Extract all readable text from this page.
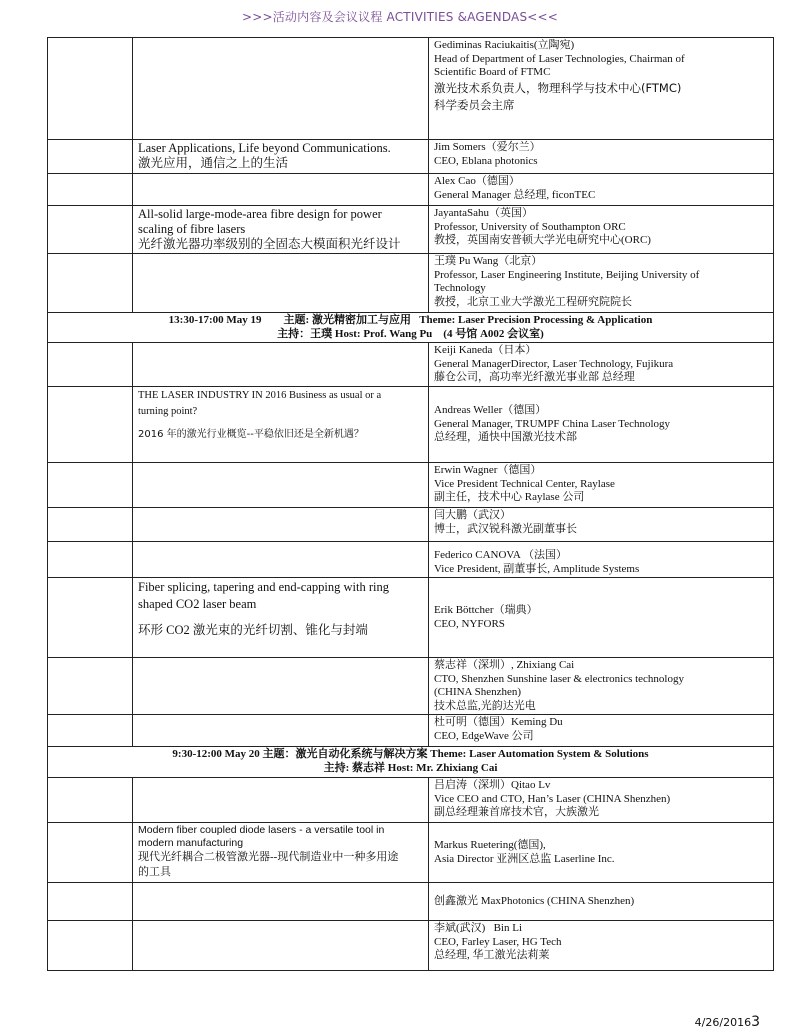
>>>活动内容及会议议程 ACTIVITIES &AGENDAS<<<

		Gediminas Raciukaitis(立陶宛)
Head of Department of Laser Technologies, Chairman of
Scientific Board of FTMC
激光技术系负责人，物理科学与技术中心(FTMC)
科学委员会主席

	Laser Applications, Life beyond Communications.
激光应用，通信之上的生活	Jim Somers（爱尔兰）
CEO, Eblana photonics

		Alex Cao（德国）
General Manager 总经理, ficonTEC

	All-solid large-mode-area fibre design for power
scaling of fibre lasers
光纤激光器功率级别的全固态大模面积光纤设计	JayantaSahu（英国）
Professor, University of Southampton ORC
教授，英国南安普顿大学光电研究中心(ORC)

		王璞 Pu Wang（北京）
Professor, Laser Engineering Institute, Beijing University of
Technology
教授，北京工业大学激光工程研究院院长

13:30-17:00 May 19        主题: 激光精密加工与应用   Theme: Laser Precision Processing & Application
主持：王璞 Host: Prof. Wang Pu    (4 号馆 A002 会议室)		

		Keiji Kaneda（日本）
General ManagerDirector, Laser Technology, Fujikura
藤仓公司，高功率光纤激光事业部 总经理

	THE LASER INDUSTRY IN 2016 Business as usual or a
turning point?
2016 年的激光行业概览--平稳依旧还是全新机遇？	Andreas Weller（德国）
General Manager, TRUMPF China Laser Technology
总经理，通快中国激光技术部

		Erwin Wagner（德国）
Vice President Technical Center, Raylase
副主任，技术中心 Raylase 公司

		闫大鹏（武汉）
博士，武汉锐科激光副董事长

		Federico CANOVA （法国）
Vice President, 副董事长, Amplitude Systems

	Fiber splicing, tapering and end-capping with ring
shaped CO2 laser beam
环形 CO2 激光束的光纤切割、锥化与封端	Erik Böttcher（瑞典）
CEO, NYFORS

		蔡志祥（深圳）, Zhixiang Cai
CTO, Shenzhen Sunshine laser & electronics technology
(CHINA Shenzhen)
技术总监,光韵达光电

		杜可明（德国）Keming Du
CEO, EdgeWave 公司

9:30-12:00 May 20 主题：激光自动化系统与解决方案 Theme: Laser Automation System & Solutions
主持: 蔡志祥 Host: Mr. Zhixiang Cai		

		吕启涛（深圳）Qitao Lv
Vice CEO and CTO, Han’s Laser (CHINA Shenzhen)
副总经理兼首席技术官，大族激光

	Modern fiber coupled diode lasers - a versatile tool in
modern manufacturing
现代光纤耦合二极管激光器--现代制造业中一种多用途
的工具	Markus Ruetering(德国),
Asia Director 亚洲区总监 Laserline Inc.

		创鑫激光 MaxPhotonics (CHINA Shenzhen)

		李斌(武汉)   Bin Li
CEO, Farley Laser, HG Tech
总经理, 华工激光法莉莱
4/26/20163
